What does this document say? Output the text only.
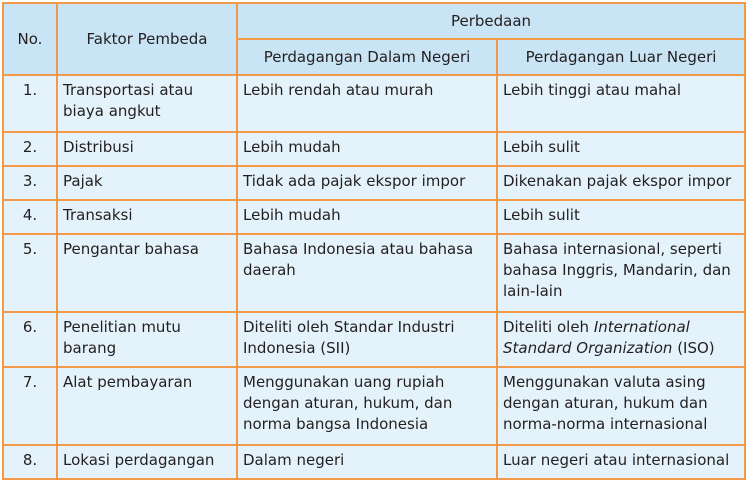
No.	Faktor Pembeda	Perbedaan	
		Perdagangan Dalam Negeri	Perdagangan Luar Negeri
1.	Transportasi atau biaya angkut	Lebih rendah atau murah	Lebih tinggi atau mahal
2.	Distribusi	Lebih mudah	Lebih sulit
3.	Pajak	Tidak ada pajak ekspor impor	Dikenakan pajak ekspor impor
4.	Transaksi	Lebih mudah	Lebih sulit
5.	Pengantar bahasa	Bahasa Indonesia atau bahasa daerah	Bahasa internasional, seperti bahasa Inggris, Mandarin, dan lain-lain
6.	Penelitian mutu barang	Diteliti oleh Standar Industri Indonesia (SII)	Diteliti oleh International Standard Organization (ISO)
7.	Alat pembayaran	Menggunakan uang rupiah dengan aturan, hukum, dan norma bangsa Indonesia	Menggunakan valuta asing dengan aturan, hukum dan norma-norma internasional
8.	Lokasi perdagangan	Dalam negeri	Luar negeri atau internasional
